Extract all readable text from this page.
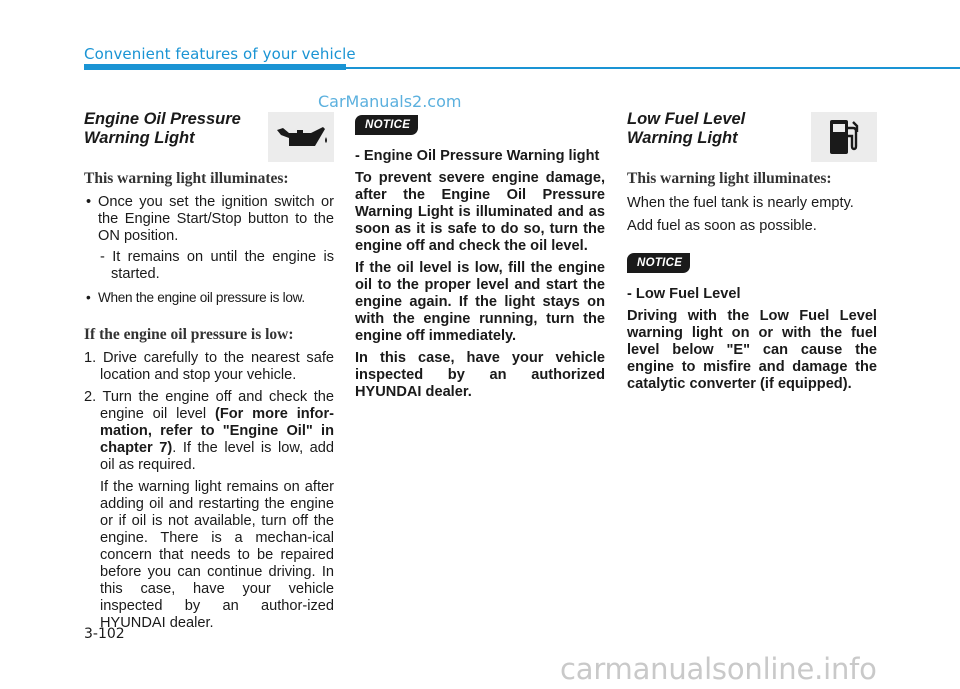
Convenient features of your vehicle
CarManuals2.com
Engine Oil Pressure
Warning Light
This warning light illuminates:
• Once you set the ignition switch or the Engine Start/Stop button to the ON position.
- It remains on until the engine is started.
• When the engine oil pressure is low.
If the engine oil pressure is low:
1. Drive carefully to the nearest safe location and stop your vehicle.
2. Turn the engine off and check the engine oil level (For more infor-mation, refer to "Engine Oil" in chapter 7). If the level is low, add oil as required.
If the warning light remains on after adding oil and restarting the engine or if oil is not available, turn off the engine. There is a mechan-ical concern that needs to be repaired before you can continue driving. In this case, have your vehicle inspected by an author-ized HYUNDAI dealer.
NOTICE
- Engine Oil Pressure Warning light
To prevent severe engine damage, after the Engine Oil Pressure Warning Light is illuminated and as soon as it is safe to do so, turn the engine off and check the oil level.
If the oil level is low, fill the engine oil to the proper level and start the engine again. If the light stays on with the engine running, turn the engine off immediately.
In this case, have your vehicle inspected by an authorized HYUNDAI dealer.
Low Fuel Level
Warning Light
This warning light illuminates:
When the fuel tank is nearly empty.
Add fuel as soon as possible.
NOTICE
- Low Fuel Level
Driving with the Low Fuel Level warning light on or with the fuel level below "E" can cause the engine to misfire and damage the catalytic converter (if equipped).
3-102
carmanualsonline.info
